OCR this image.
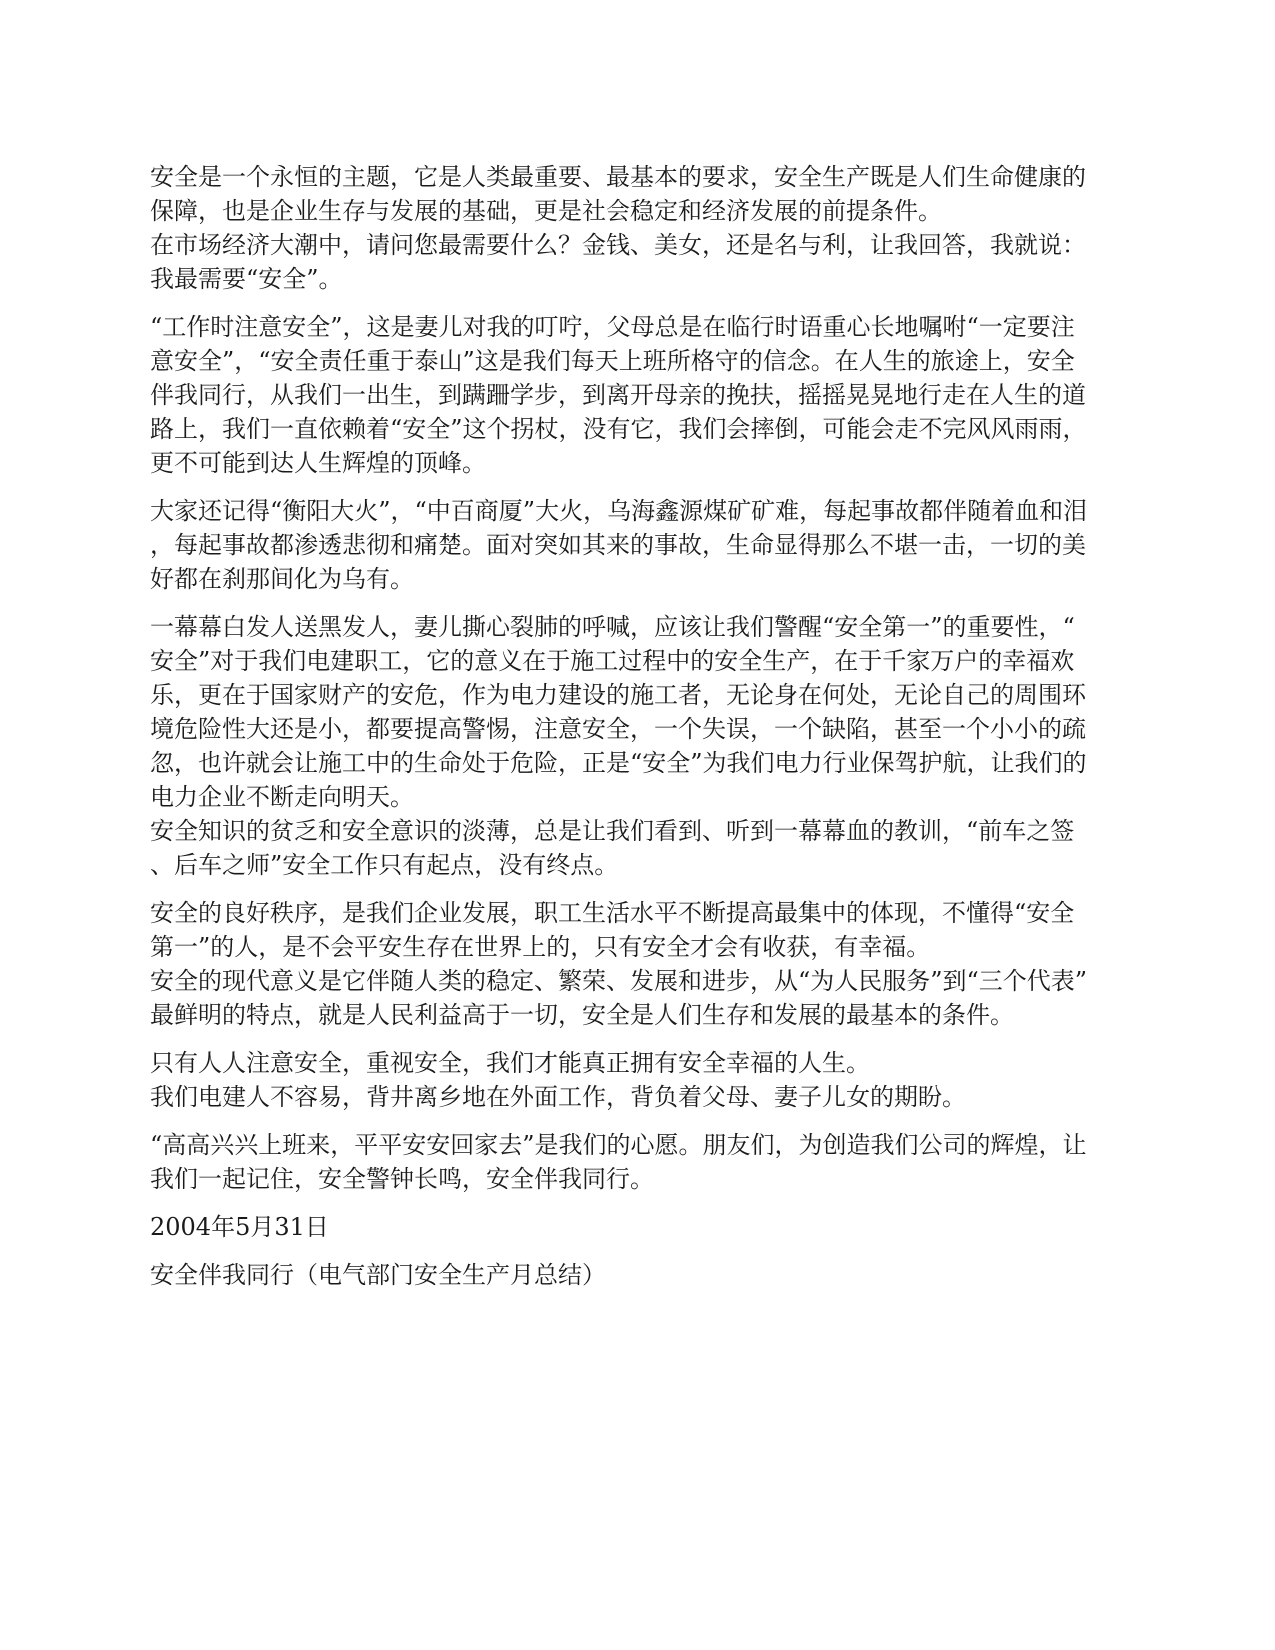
安全是一个永恒的主题，它是人类最重要、最基本的要求，安全生产既是人们生命健康的
保障，也是企业生存与发展的基础，更是社会稳定和经济发展的前提条件。
在市场经济大潮中，请问您最需要什么？金钱、美女，还是名与利，让我回答，我就说：
我最需要“安全”。
“工作时注意安全”，这是妻儿对我的叮咛，父母总是在临行时语重心长地嘱咐“一定要注
意安全”，“安全责任重于泰山”这是我们每天上班所格守的信念。在人生的旅途上，安全
伴我同行，从我们一出生，到蹒跚学步，到离开母亲的挽扶，摇摇晃晃地行走在人生的道
路上，我们一直依赖着“安全”这个拐杖，没有它，我们会摔倒，可能会走不完风风雨雨，
更不可能到达人生辉煌的顶峰。
大家还记得“衡阳大火”，“中百商厦”大火，乌海鑫源煤矿矿难，每起事故都伴随着血和泪
，每起事故都渗透悲彻和痛楚。面对突如其来的事故，生命显得那么不堪一击，一切的美
好都在刹那间化为乌有。
一幕幕白发人送黑发人，妻儿撕心裂肺的呼喊，应该让我们警醒“安全第一”的重要性，“
安全”对于我们电建职工，它的意义在于施工过程中的安全生产，在于千家万户的幸福欢
乐，更在于国家财产的安危，作为电力建设的施工者，无论身在何处，无论自己的周围环
境危险性大还是小，都要提高警惕，注意安全，一个失误，一个缺陷，甚至一个小小的疏
忽，也许就会让施工中的生命处于危险，正是“安全”为我们电力行业保驾护航，让我们的
电力企业不断走向明天。
安全知识的贫乏和安全意识的淡薄，总是让我们看到、听到一幕幕血的教训，“前车之签
、后车之师”安全工作只有起点，没有终点。
安全的良好秩序，是我们企业发展，职工生活水平不断提高最集中的体现，不懂得“安全
第一”的人，是不会平安生存在世界上的，只有安全才会有收获，有幸福。
安全的现代意义是它伴随人类的稳定、繁荣、发展和进步，从“为人民服务”到“三个代表”
最鲜明的特点，就是人民利益高于一切，安全是人们生存和发展的最基本的条件。
只有人人注意安全，重视安全，我们才能真正拥有安全幸福的人生。
我们电建人不容易，背井离乡地在外面工作，背负着父母、妻子儿女的期盼。
“高高兴兴上班来，平平安安回家去”是我们的心愿。朋友们，为创造我们公司的辉煌，让
我们一起记住，安全警钟长鸣，安全伴我同行。
2004年5月31日
安全伴我同行（电气部门安全生产月总结）
